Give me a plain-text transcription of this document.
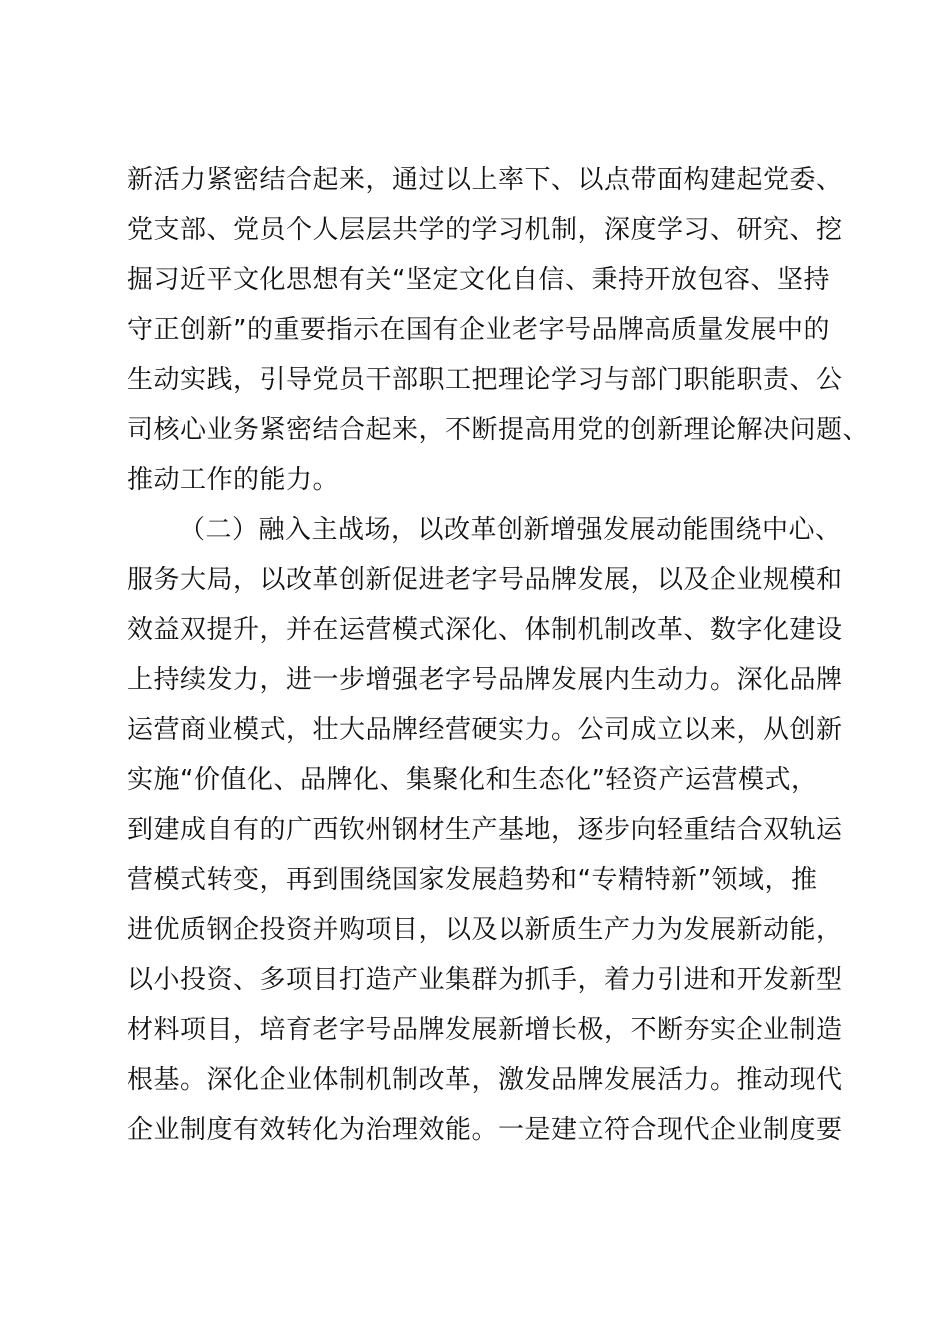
新活力紧密结合起来，通过以上率下、以点带面构建起党委、
党支部、党员个人层层共学的学习机制，深度学习、研究、挖
掘习近平文化思想有关“坚定文化自信、秉持开放包容、坚持
守正创新”的重要指示在国有企业老字号品牌高质量发展中的
生动实践，引导党员干部职工把理论学习与部门职能职责、公
司核心业务紧密结合起来，不断提高用党的创新理论解决问题、
推动工作的能力。
（二）融入主战场，以改革创新增强发展动能围绕中心、
服务大局，以改革创新促进老字号品牌发展，以及企业规模和
效益双提升，并在运营模式深化、体制机制改革、数字化建设
上持续发力，进一步增强老字号品牌发展内生动力。深化品牌
运营商业模式，壮大品牌经营硬实力。公司成立以来，从创新
实施“价值化、品牌化、集聚化和生态化”轻资产运营模式，
到建成自有的广西钦州钢材生产基地，逐步向轻重结合双轨运
营模式转变，再到围绕国家发展趋势和“专精特新”领域，推
进优质钢企投资并购项目，以及以新质生产力为发展新动能，
以小投资、多项目打造产业集群为抓手，着力引进和开发新型
材料项目，培育老字号品牌发展新增长极，不断夯实企业制造
根基。深化企业体制机制改革，激发品牌发展活力。推动现代
企业制度有效转化为治理效能。一是建立符合现代企业制度要
